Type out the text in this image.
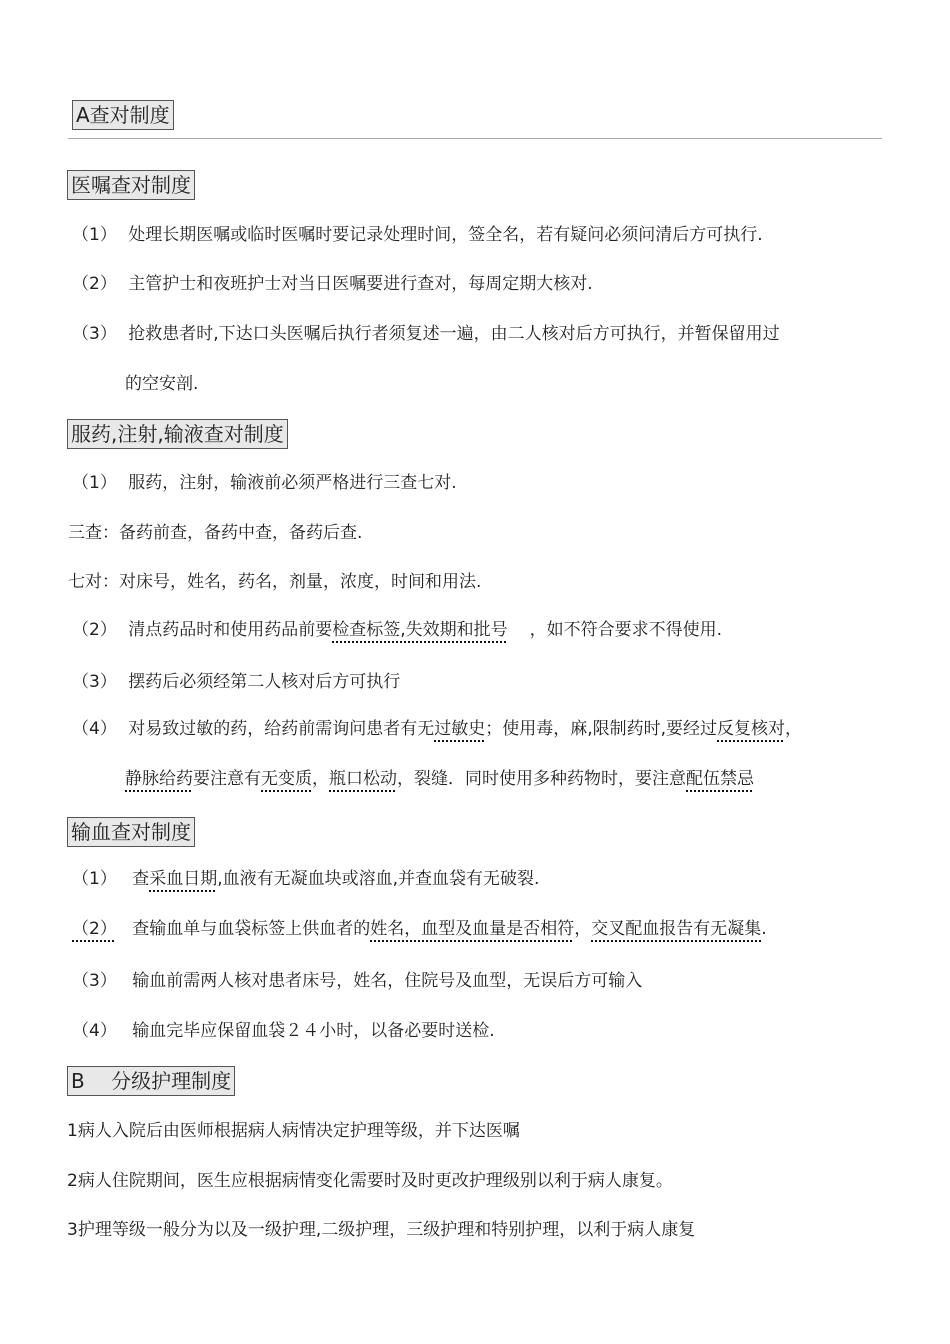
A查对制度
医嘱查对制度
（1） 处理长期医嘱或临时医嘱时要记录处理时间，签全名，若有疑问必须问清后方可执行.
（2） 主管护士和夜班护士对当日医嘱要进行查对，每周定期大核对.
（3） 抢救患者时,下达口头医嘱后执行者须复述一遍，由二人核对后方可执行，并暂保留用过
的空安剖.
服药,注射,输液查对制度
（1） 服药，注射，输液前必须严格进行三查七对.
三查：备药前查，备药中查，备药后查.
七对：对床号，姓名，药名，剂量，浓度，时间和用法.
（2） 清点药品时和使用药品前要检查标签,失效期和批号 ，如不符合要求不得使用.
（3） 摆药后必须经第二人核对后方可执行
（4） 对易致过敏的药，给药前需询问患者有无过敏史；使用毒，麻,限制药时,要经过反复核对，
静脉给药要注意有无变质，瓶口松动，裂缝．同时使用多种药物时，要注意配伍禁忌
输血查对制度
（1） 查采血日期,血液有无凝血块或溶血,并查血袋有无破裂.
（2） 查输血单与血袋标签上供血者的姓名，血型及血量是否相符，交叉配血报告有无凝集.
（3） 输血前需两人核对患者床号，姓名，住院号及血型，无误后方可输入
（4） 输血完毕应保留血袋２４小时，以备必要时送检.
B　 分级护理制度
1病人入院后由医师根据病人病情决定护理等级，并下达医嘱
2病人住院期间，医生应根据病情变化需要时及时更改护理级别以利于病人康复。
3护理等级一般分为以及一级护理,二级护理，三级护理和特别护理，以利于病人康复
